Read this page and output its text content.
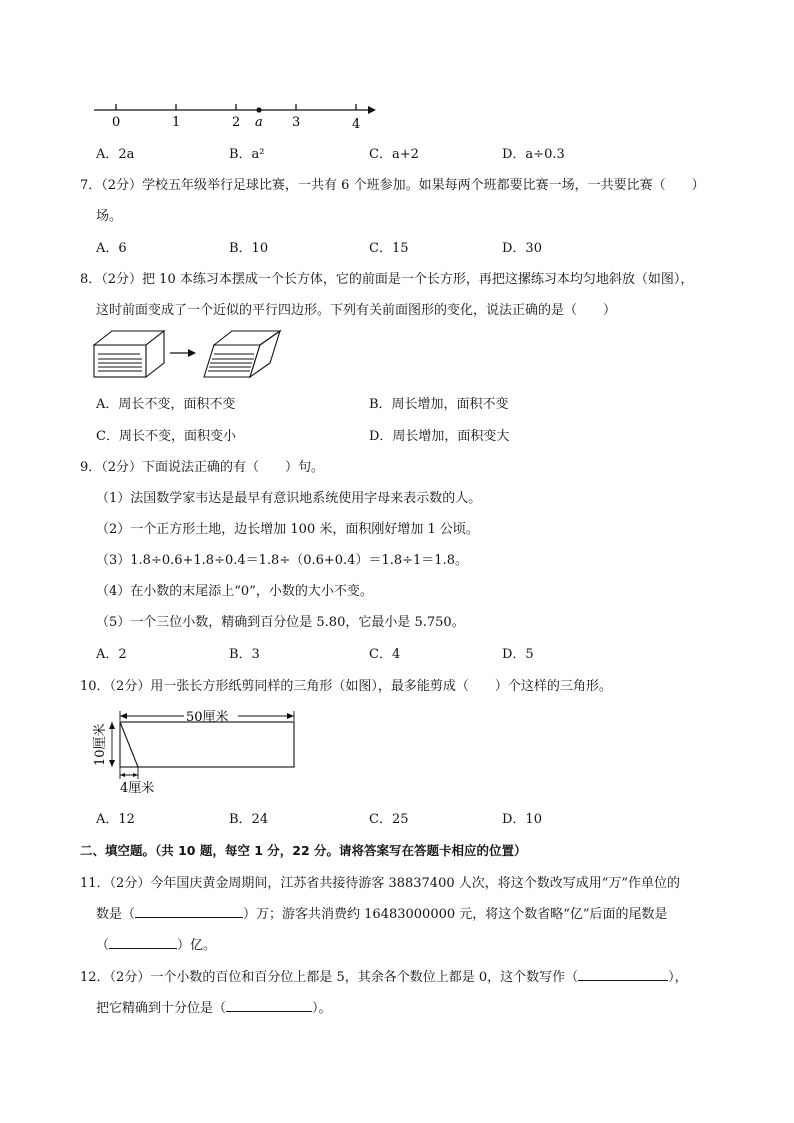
0	1	2 a 3	4
A．2a	B．a²	C．a+2	D．a÷0.3
7．（2分）学校五年级举行足球比赛，一共有 6 个班参加。如果每两个班都要比赛一场，一共要比赛（　　）
场。
A．6	B．10	C．15	D．30
8．（2分）把 10 本练习本摆成一个长方体，它的前面是一个长方形，再把这摞练习本均匀地斜放（如图），
这时前面变成了一个近似的平行四边形。下列有关前面图形的变化，说法正确的是（　　）
A．周长不变，面积不变	B．周长增加，面积不变
C．周长不变，面积变小	D．周长增加，面积变大
9．（2分）下面说法正确的有（　　）句。
（1）法国数学家韦达是最早有意识地系统使用字母来表示数的人。
（2）一个正方形土地，边长增加 100 米，面积刚好增加 1 公顷。
（3）1.8÷0.6+1.8÷0.4＝1.8÷（0.6+0.4）＝1.8÷1＝1.8。
（4）在小数的末尾添上“0”，小数的大小不变。
（5）一个三位小数，精确到百分位是 5.80，它最小是 5.750。
A．2	B．3	C．4	D．5
10．（2分）用一张长方形纸剪同样的三角形（如图），最多能剪成（　　）个这样的三角形。
50厘米
10厘米
4厘米
A．12	B．24	C．25	D．10
二、填空题。（共 10 题，每空 1 分，22 分。请将答案写在答题卡相应的位置）
11．（2分）今年国庆黄金周期间，江苏省共接待游客 38837400 人次，将这个数改写成用“万”作单位的
数是（	）万；游客共消费约 16483000000 元，将这个数省略“亿”后面的尾数是
（	）亿。
12．（2分）一个小数的百位和百分位上都是 5，其余各个数位上都是 0，这个数写作（	），
把它精确到十分位是（	）。
